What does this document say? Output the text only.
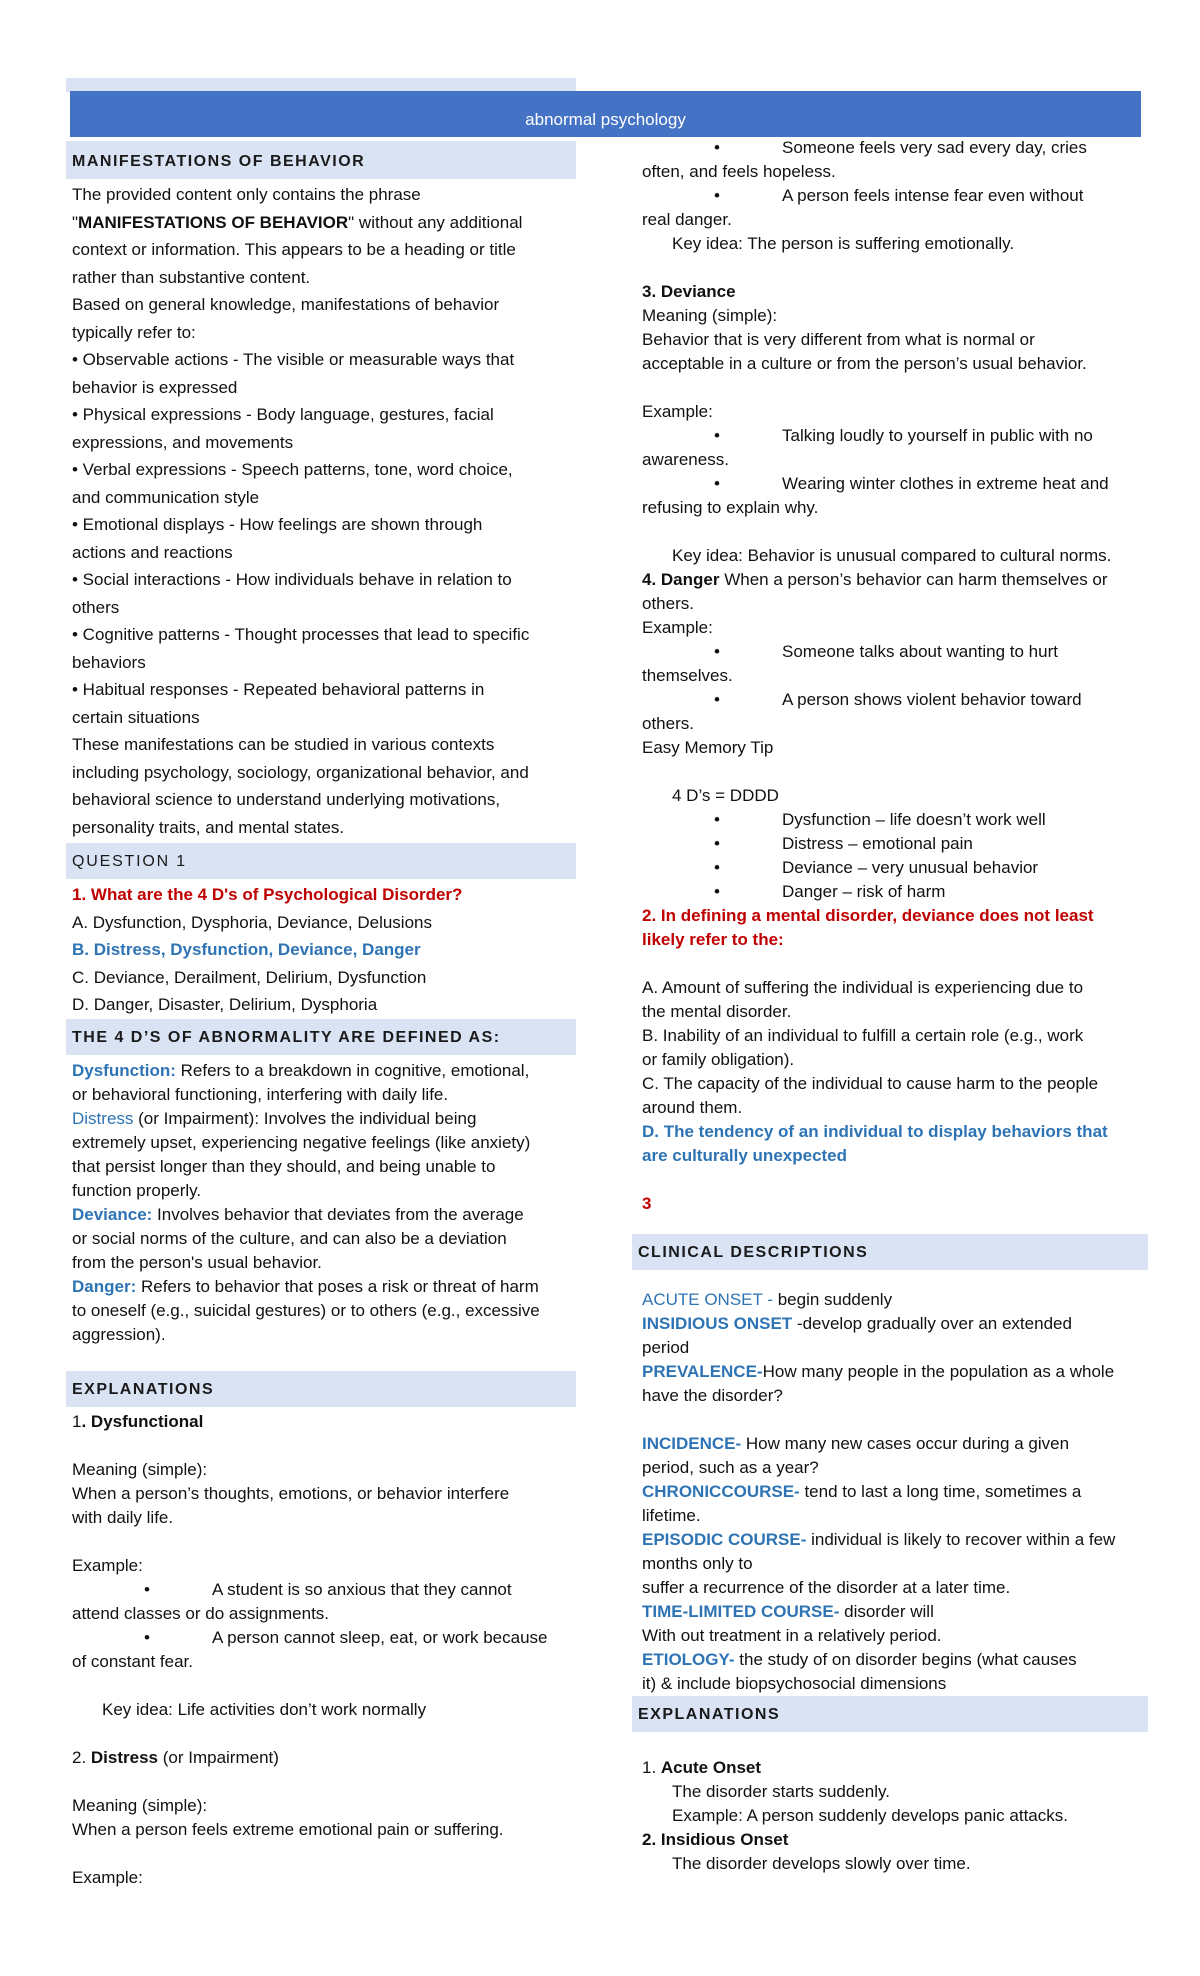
abnormal psychology
MANIFESTATIONS OF BEHAVIOR
The provided content only contains the phrase
"MANIFESTATIONS OF BEHAVIOR" without any additional
context or information. This appears to be a heading or title
rather than substantive content.
Based on general knowledge, manifestations of behavior
typically refer to:
• Observable actions - The visible or measurable ways that
behavior is expressed
• Physical expressions - Body language, gestures, facial
expressions, and movements
• Verbal expressions - Speech patterns, tone, word choice,
and communication style
• Emotional displays - How feelings are shown through
actions and reactions
• Social interactions - How individuals behave in relation to
others
• Cognitive patterns - Thought processes that lead to specific
behaviors
• Habitual responses - Repeated behavioral patterns in
certain situations
These manifestations can be studied in various contexts
including psychology, sociology, organizational behavior, and
behavioral science to understand underlying motivations,
personality traits, and mental states.
QUESTION 1
1. What are the 4 D's of Psychological Disorder?
A. Dysfunction, Dysphoria, Deviance, Delusions
B. Distress, Dysfunction, Deviance, Danger
C. Deviance, Derailment, Delirium, Dysfunction
D. Danger, Disaster, Delirium, Dysphoria
THE 4 D’S OF ABNORMALITY ARE DEFINED AS:
Dysfunction: Refers to a breakdown in cognitive, emotional,
or behavioral functioning, interfering with daily life.
Distress (or Impairment): Involves the individual being
extremely upset, experiencing negative feelings (like anxiety)
that persist longer than they should, and being unable to
function properly.
Deviance: Involves behavior that deviates from the average
or social norms of the culture, and can also be a deviation
from the person's usual behavior.
Danger: Refers to behavior that poses a risk or threat of harm
to oneself (e.g., suicidal gestures) or to others (e.g., excessive
aggression).
EXPLANATIONS
1. Dysfunctional
Meaning (simple):
When a person’s thoughts, emotions, or behavior interfere
with daily life.
Example:
•	A student is so anxious that they cannot
attend classes or do assignments.
•	A person cannot sleep, eat, or work because
of constant fear.
Key idea: Life activities don’t work normally
2. Distress (or Impairment)
Meaning (simple):
When a person feels extreme emotional pain or suffering.
Example:
•	Someone feels very sad every day, cries
often, and feels hopeless.
•	A person feels intense fear even without
real danger.
Key idea: The person is suffering emotionally.
3. Deviance
Meaning (simple):
Behavior that is very different from what is normal or
acceptable in a culture or from the person’s usual behavior.
Example:
•	Talking loudly to yourself in public with no
awareness.
•	Wearing winter clothes in extreme heat and
refusing to explain why.
Key idea: Behavior is unusual compared to cultural norms.
4. Danger When a person’s behavior can harm themselves or
others.
Example:
•	Someone talks about wanting to hurt
themselves.
•	A person shows violent behavior toward
others.
Easy Memory Tip
4 D’s = DDDD
•	Dysfunction – life doesn’t work well
•	Distress – emotional pain
•	Deviance – very unusual behavior
•	Danger – risk of harm
2. In defining a mental disorder, deviance does not least
likely refer to the:
A. Amount of suffering the individual is experiencing due to
the mental disorder.
B. Inability of an individual to fulfill a certain role (e.g., work
or family obligation).
C. The capacity of the individual to cause harm to the people
around them.
D. The tendency of an individual to display behaviors that
are culturally unexpected
3
CLINICAL DESCRIPTIONS
ACUTE ONSET - begin suddenly
INSIDIOUS ONSET -develop gradually over an extended
period
PREVALENCE-How many people in the population as a whole
have the disorder?
INCIDENCE- How many new cases occur during a given
period, such as a year?
CHRONICCOURSE- tend to last a long time, sometimes a
lifetime.
EPISODIC COURSE- individual is likely to recover within a few
months only to
suffer a recurrence of the disorder at a later time.
TIME-LIMITED COURSE- disorder will
With out treatment in a relatively period.
ETIOLOGY- the study of on disorder begins (what causes
it) & include biopsychosocial dimensions
EXPLANATIONS
1. Acute Onset
The disorder starts suddenly.
Example: A person suddenly develops panic attacks.
2. Insidious Onset
The disorder develops slowly over time.
